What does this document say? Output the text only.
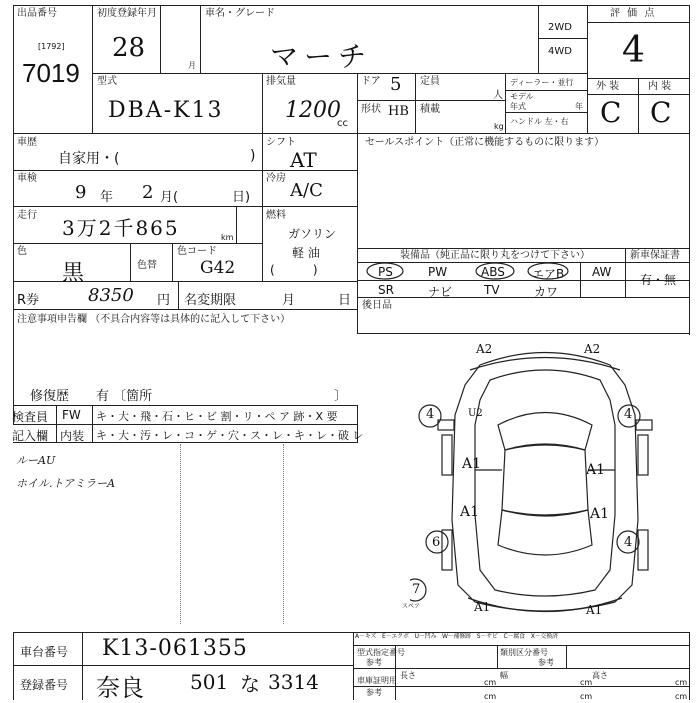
出品番号
[1792]
7019
初度登録年月
28
月
車名・グレード
マーチ
2WD
4WD
評 価 点
4
型式
DBA-K13
排気量
1200
cc
ドア 5
形状 HB
定員
人
積載
kg
ディーラー・並行
モデル
年式	年
ハンドル 左・右
外 装	内 装
C C
車歴
自家用・(	)
シフト
AT
車検
9 年 2 月(	日)
冷房
A/C
走行
3万2千865	km
燃料
ガソリン
軽 油
(          )
色
黒	色替
色コード
G42
セールスポイント（正常に機能するものに限ります）
装備品（純正品に限り丸をつけて下さい）	新車保証書
有・無
PS	PW	ABS エアB AW
SR	ナビ	TV	カワ
後日品
R券	8350 円 名変期限	月	日
注意事項申告欄 （不具合内容等は具体的に記入して下さい）
修復歴 有 〔箇所	〕
検査員
記入欄
FW キ・大・飛・石・ヒ・ビ 割・リ・ペ ア 跡・X 要
内装 キ・大・汚・レ・コ・ゲ・穴・ス・レ・キ・レ・破 レ
ルーAU
ホイル.トアミラーA
A2	A2
U2
4	4
A1	A1
A1	A1
6	4
A1	A1
7
スペア
A－キズ　E－エクボ　U－凹み　W－補修跡　S－サビ　C－腐食　X－交換済
型式指定番号
参考
類別区分番号
参考
長さ
cm
幅
cm
高さ
cm
車庫証明用
参考	cm	cm	cm
車台番号 K13-061355
登録番号 奈良 501 な 3314
